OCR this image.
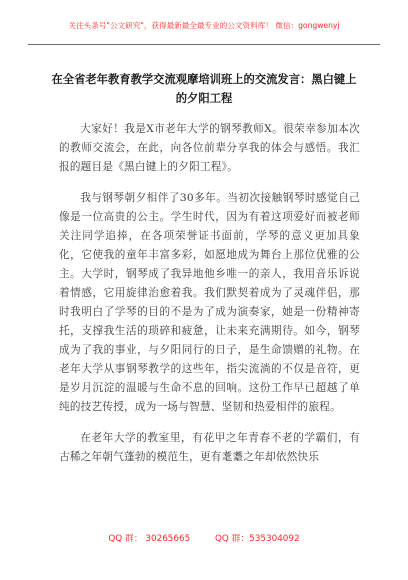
关注头条号"公文研究"，获得最新最全最专业的公文资料库！ 微信：gongwenyj
在全省老年教育教学交流观摩培训班上的交流发言：黑白键上的夕阳工程

大家好！我是X市老年大学的钢琴教师X。很荣幸参加本次的教师交流会，在此，向各位前辈分享我的体会与感悟。我汇报的题目是《黑白键上的夕阳工程》。

我与钢琴朝夕相伴了30多年。当初次接触钢琴时感觉自己像是一位高贵的公主。学生时代，因为有着这项爱好而被老师关注同学追捧，在各项荣誉证书面前，学琴的意义更加具象化，它使我的童年丰富多彩，如愿地成为舞台上那位优雅的公主。大学时，钢琴成了我异地他乡唯一的亲人，我用音乐诉说着情感，它用旋律治愈着我。我们默契着成为了灵魂伴侣，那时我明白了学琴的目的不是为了成为演奏家，她是一份精神寄托，支撑我生活的琐碎和疲惫，让未来充满期待。如今，钢琴成为了我的事业，与夕阳同行的日子，是生命馈赠的礼物。在老年大学从事钢琴教学的这些年，指尖流淌的不仅是音符，更是岁月沉淀的温暖与生命不息的回响。这份工作早已超越了单纯的技艺传授，成为一场与智慧、坚韧和热爱相伴的旅程。

在老年大学的教室里，有花甲之年青春不老的学霸们，有古稀之年朝气蓬勃的模范生，更有耄耋之年却依然快乐

QQ 群： 30265665	QQ 群：535304092
